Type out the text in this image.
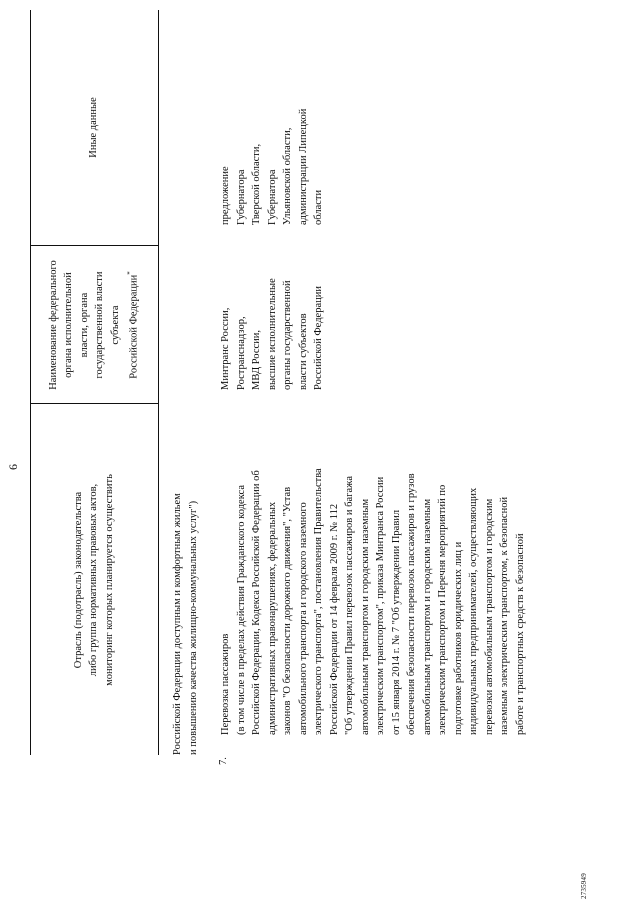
6
2735949
Отрасль (подотрасль) законодательства либо группа нормативных правовых актов, мониторинг которых планируется осуществить
Наименование федерального органа исполнительной власти, органа государственной власти субъекта Российской Федерации*
Иные данные
Российской Федерации доступным и комфортным жильем и повышению качества жилищно-коммунальных услуг")
7.
Перевозка пассажиров (в том числе в пределах действия Гражданского кодекса Российской Федерации, Кодекса Российской Федерации об административных правонарушениях, федеральных законов "О безопасности дорожного движения", "Устав автомобильного транспорта и городского наземного электрического транспорта", постановления Правительства Российской Федерации от 14 февраля 2009 г. № 112 "Об утверждении Правил перевозок пассажиров и багажа автомобильным транспортом и городским наземным электрическим транспортом", приказа Минтранса России от 15 января 2014 г. № 7 "Об утверждении Правил обеспечения безопасности перевозок пассажиров и грузов автомобильным транспортом и городским наземным электрическим транспортом и Перечня мероприятий по подготовке работников юридических лиц и индивидуальных предпринимателей, осуществляющих перевозки автомобильным транспортом и городским наземным электрическим транспортом, к безопасной работе и транспортных средств к безопасной
Минтранс России, Ространснадзор, МВД России, высшие исполнительные органы государственной власти субъектов Российской Федерации
предложение Губернатора Тверской области, Губернатора Ульяновской области, администрации Липецкой области
